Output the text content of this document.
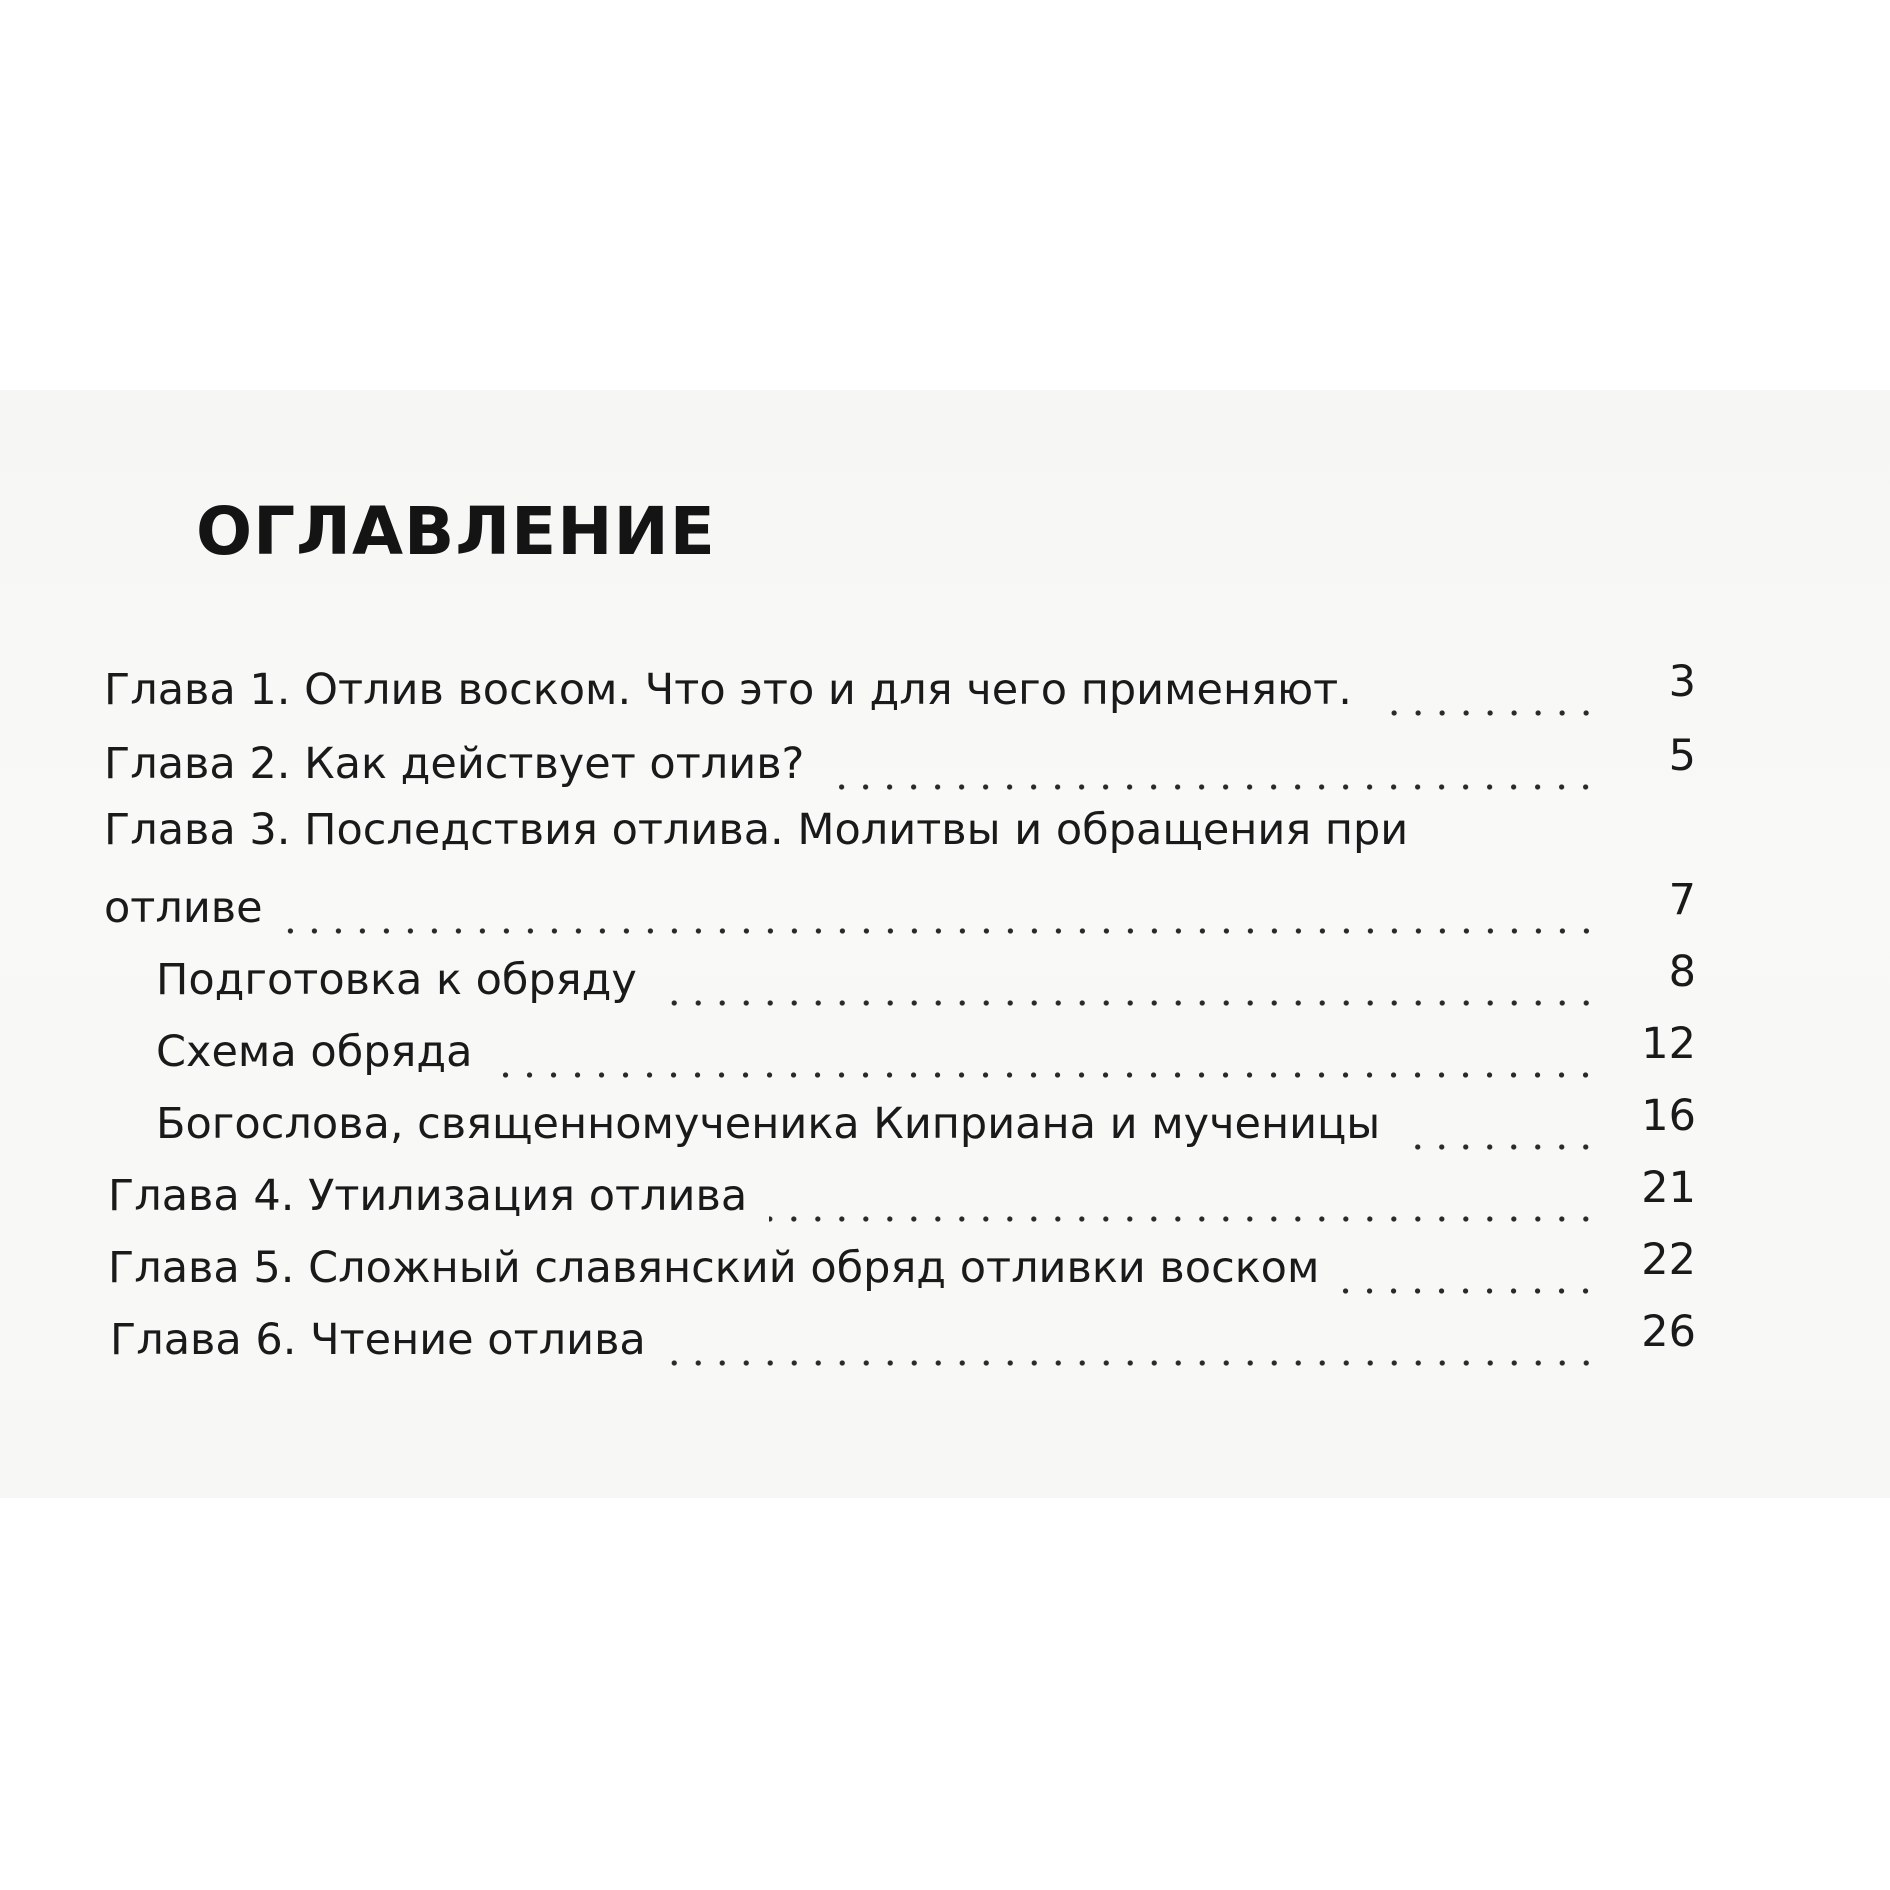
ОГЛАВЛЕНИЕ
Глава 1. Отлив воском. Что это и для чего применяют.	3
Глава 2. Как действует отлив?	5
Глава 3. Последствия отлива. Молитвы и обращения при
отливе	7
Подготовка к обряду	8
Схема обряда	12
Богослова, священномученика Киприана и мученицы	16
Глава 4. Утилизация отлива	21
Глава 5. Сложный славянский обряд отливки воском	22
Глава 6. Чтение отлива	26
